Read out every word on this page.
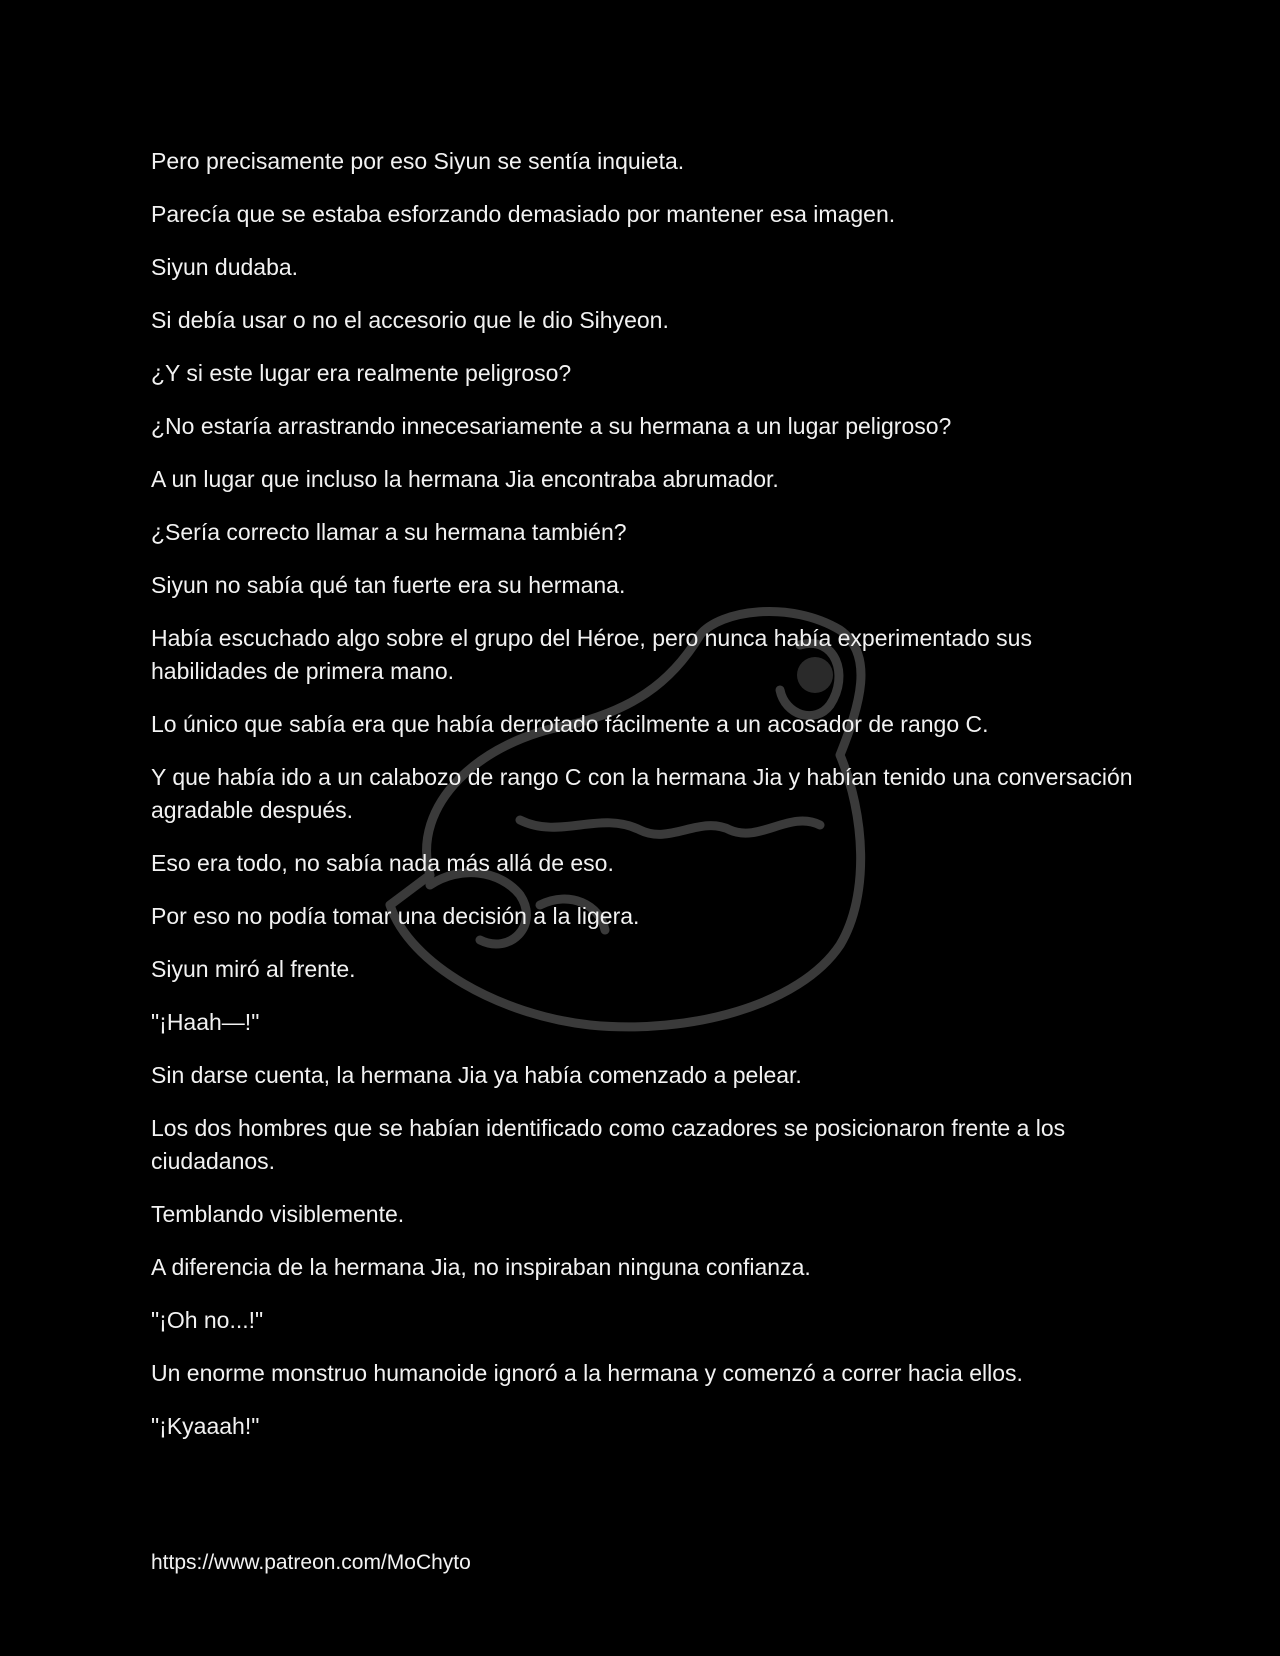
Pero precisamente por eso Siyun se sentía inquieta.

Parecía que se estaba esforzando demasiado por mantener esa imagen.

Siyun dudaba.

Si debía usar o no el accesorio que le dio Sihyeon.

¿Y si este lugar era realmente peligroso?

¿No estaría arrastrando innecesariamente a su hermana a un lugar peligroso?

A un lugar que incluso la hermana Jia encontraba abrumador.

¿Sería correcto llamar a su hermana también?

Siyun no sabía qué tan fuerte era su hermana.

Había escuchado algo sobre el grupo del Héroe, pero nunca había experimentado sus habilidades de primera mano.

Lo único que sabía era que había derrotado fácilmente a un acosador de rango C.

Y que había ido a un calabozo de rango C con la hermana Jia y habían tenido una conversación agradable después.

Eso era todo, no sabía nada más allá de eso.

Por eso no podía tomar una decisión a la ligera.

Siyun miró al frente.

"¡Haah—!"

Sin darse cuenta, la hermana Jia ya había comenzado a pelear.

Los dos hombres que se habían identificado como cazadores se posicionaron frente a los ciudadanos.

Temblando visiblemente.

A diferencia de la hermana Jia, no inspiraban ninguna confianza.

"¡Oh no...!"

Un enorme monstruo humanoide ignoró a la hermana y comenzó a correr hacia ellos.

"¡Kyaaah!"

https://www.patreon.com/MoChyto
